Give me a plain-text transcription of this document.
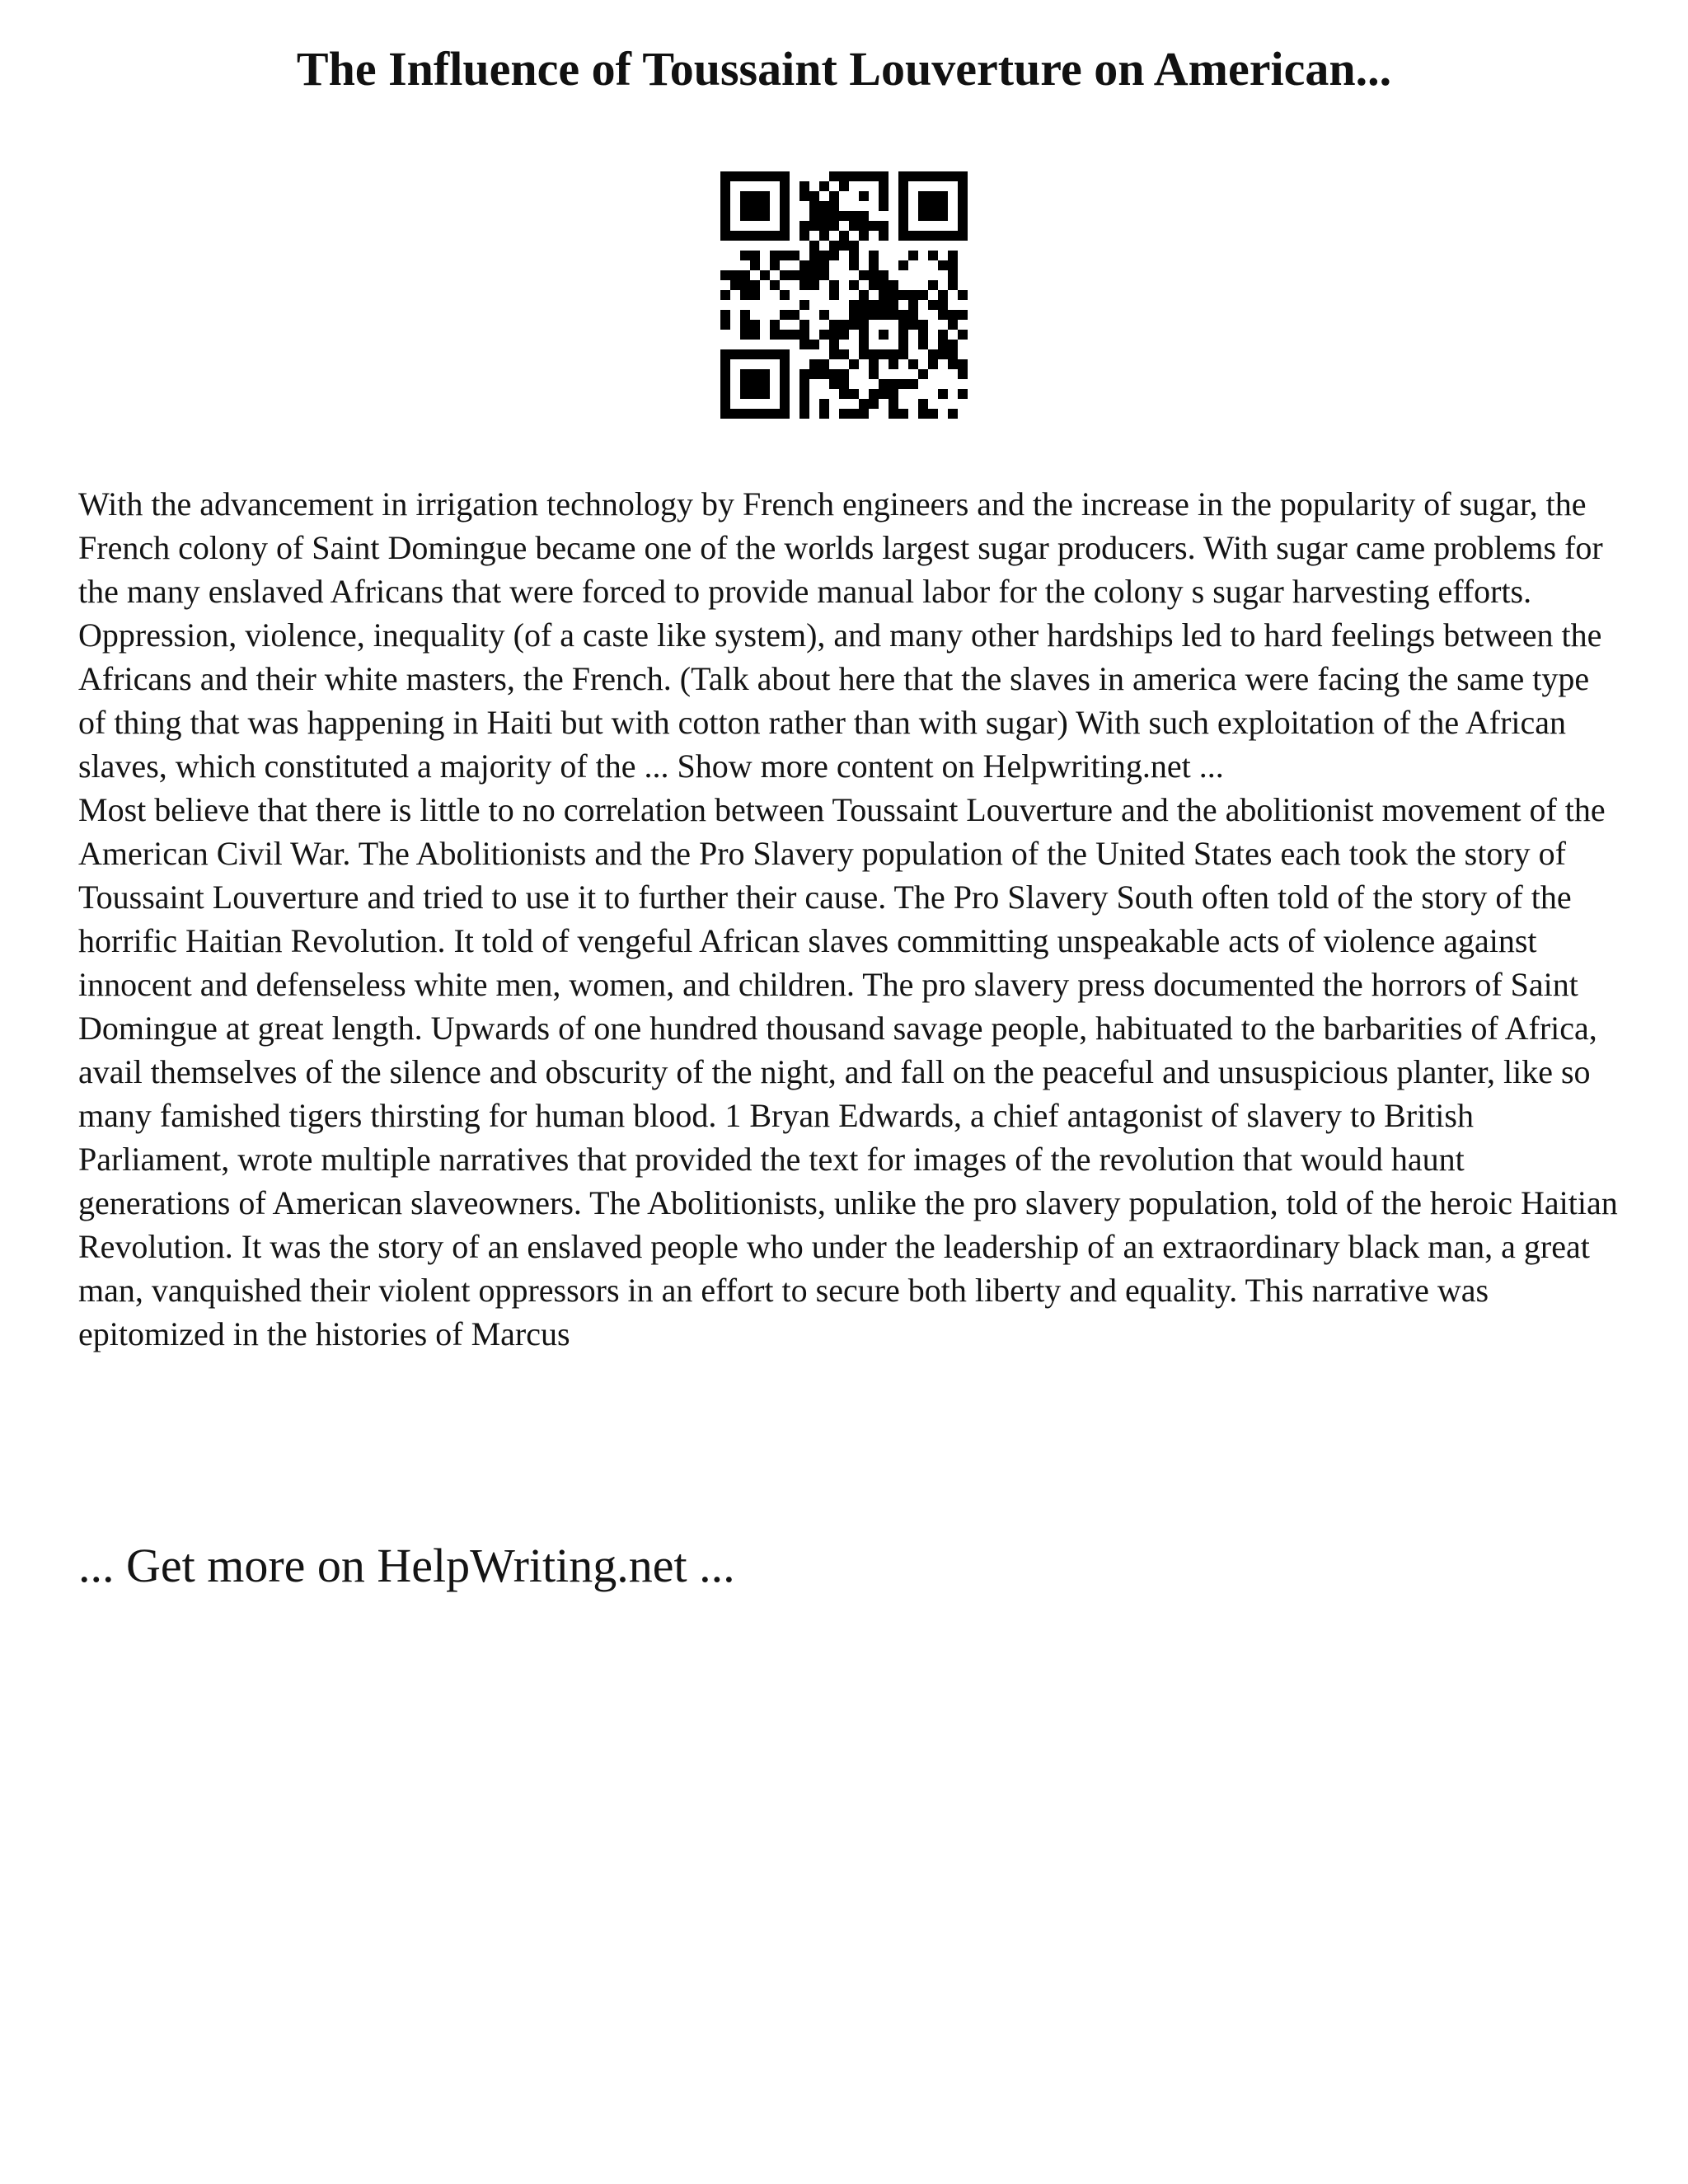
The Influence of Toussaint Louverture on American...

With the advancement in irrigation technology by French engineers and the increase in the popularity of sugar, the French colony of Saint Domingue became one of the worlds largest sugar producers. With sugar came problems for the many enslaved Africans that were forced to provide manual labor for the colony s sugar harvesting efforts. Oppression, violence, inequality (of a caste like system), and many other hardships led to hard feelings between the Africans and their white masters, the French. (Talk about here that the slaves in america were facing the same type of thing that was happening in Haiti but with cotton rather than with sugar) With such exploitation of the African slaves, which constituted a majority of the ... Show more content on Helpwriting.net ...

Most believe that there is little to no correlation between Toussaint Louverture and the abolitionist movement of the American Civil War. The Abolitionists and the Pro Slavery population of the United States each took the story of Toussaint Louverture and tried to use it to further their cause. The Pro Slavery South often told of the story of the horrific Haitian Revolution. It told of vengeful African slaves committing unspeakable acts of violence against innocent and defenseless white men, women, and children. The pro slavery press documented the horrors of Saint Domingue at great length. Upwards of one hundred thousand savage people, habituated to the barbarities of Africa, avail themselves of the silence and obscurity of the night, and fall on the peaceful and unsuspicious planter, like so many famished tigers thirsting for human blood. 1 Bryan Edwards, a chief antagonist of slavery to British Parliament, wrote multiple narratives that provided the text for images of the revolution that would haunt generations of American slaveowners. The Abolitionists, unlike the pro slavery population, told of the heroic Haitian Revolution. It was the story of an enslaved people who under the leadership of an extraordinary black man, a great man, vanquished their violent oppressors in an effort to secure both liberty and equality. This narrative was epitomized in the histories of Marcus

... Get more on HelpWriting.net ...
